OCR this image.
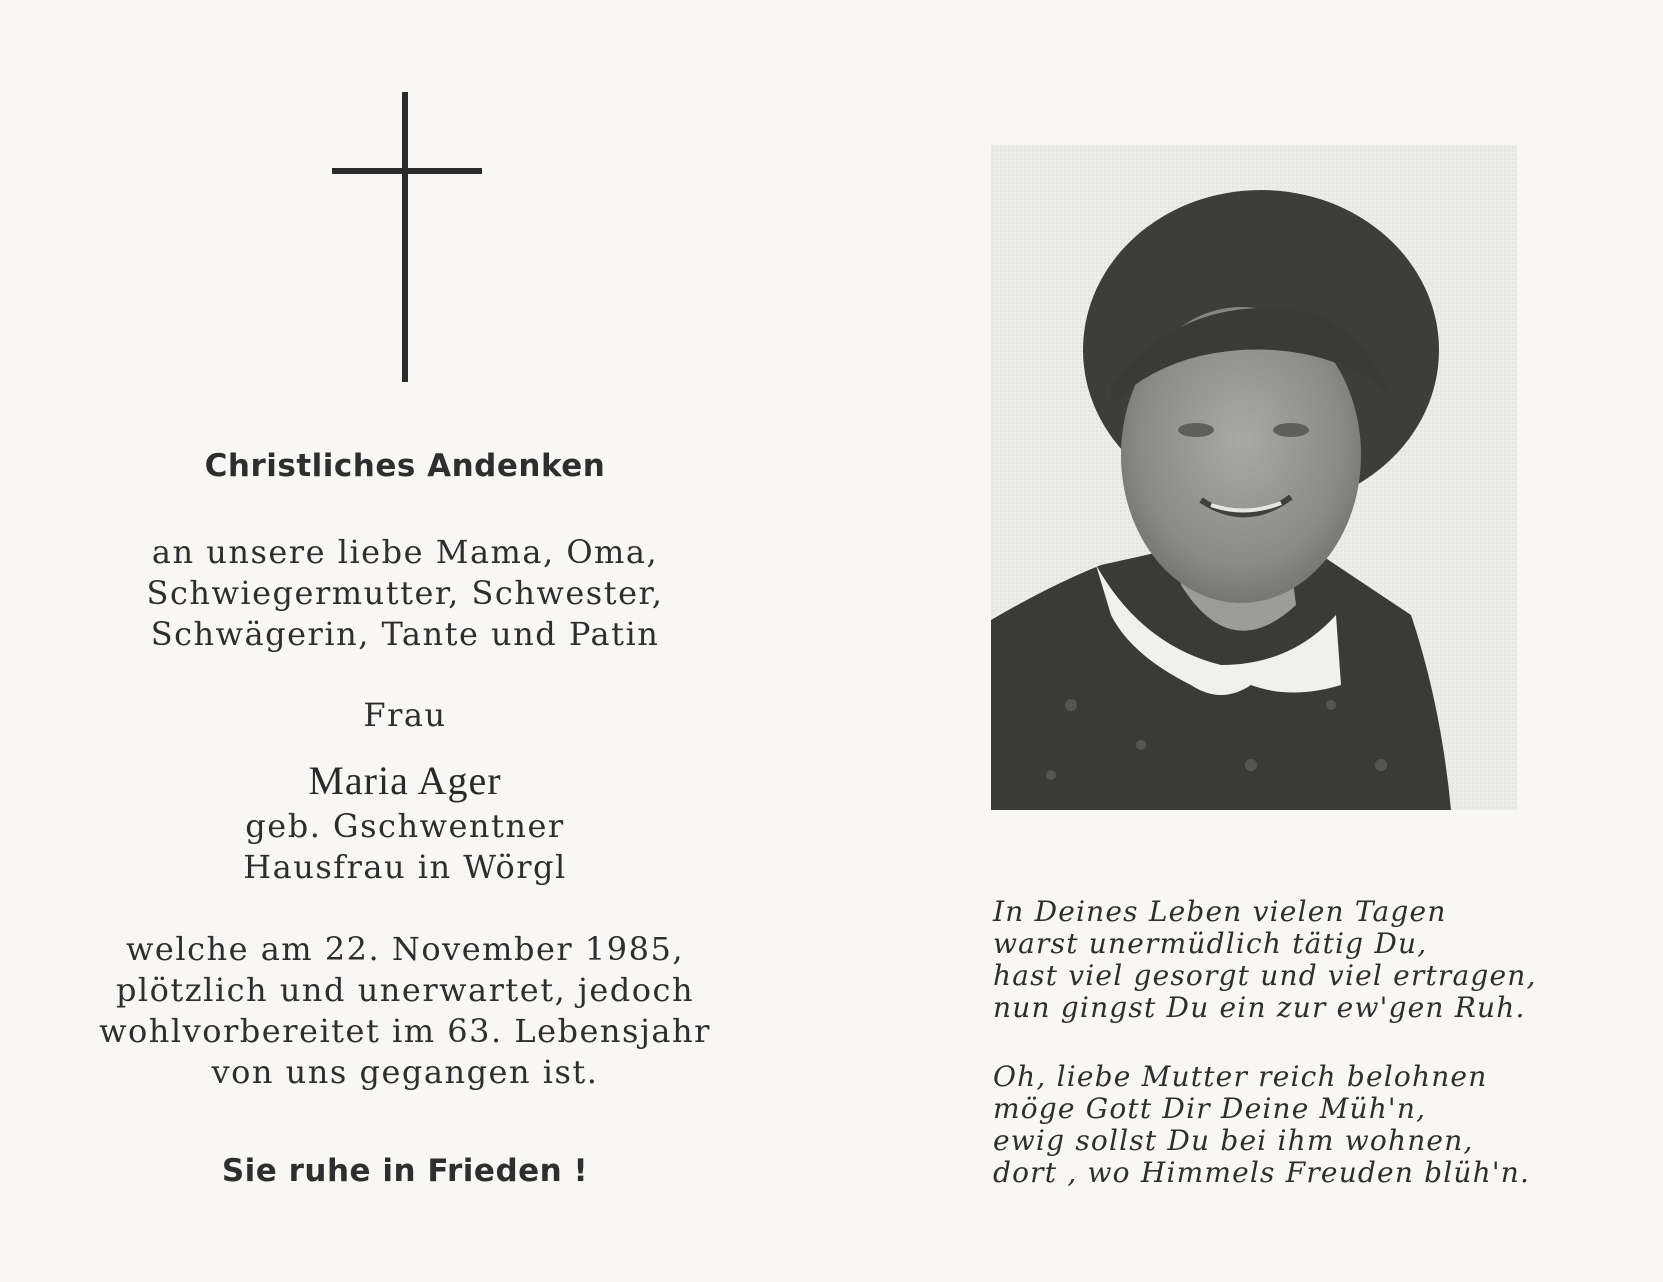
Christliches Andenken
an unsere liebe Mama, Oma,
Schwiegermutter, Schwester,
Schwägerin, Tante und Patin
Frau
Maria Ager
geb. Gschwentner
Hausfrau in Wörgl
welche am 22. November 1985,
plötzlich und unerwartet, jedoch
wohlvorbereitet im 63. Lebensjahr
von uns gegangen ist.
Sie ruhe in Frieden !
In Deines Leben vielen Tagen
warst unermüdlich tätig Du,
hast viel gesorgt und viel ertragen,
nun gingst Du ein zur ew'gen Ruh.
Oh, liebe Mutter reich belohnen
möge Gott Dir Deine Müh'n,
ewig sollst Du bei ihm wohnen,
dort , wo Himmels Freuden blüh'n.
